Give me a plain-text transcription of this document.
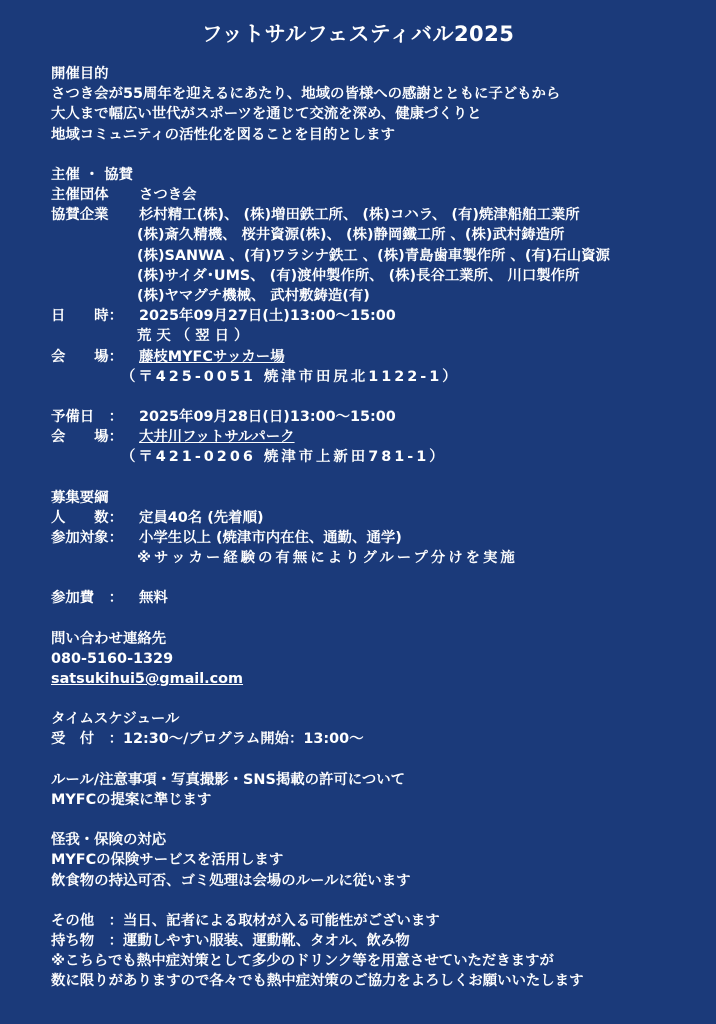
フットサルフェスティバル2025
開催目的
さつき会が55周年を迎えるにあたり、地域の皆様への感謝とともに子どもから
大人まで幅広い世代がスポーツを通じて交流を深め、健康づくりと
地域コミュニティの活性化を図ることを目的とします
主催 ・ 協賛
主催団体	さつき会
協賛企業	杉村精工(株)、 (株)増田鉄工所、 (株)コハラ、 (有)焼津船舶工業所
(株)斎久精機、 桜井資源(株)、 (株)静岡鐵工所 、(株)武村鋳造所
(株)SANWA 、(有)ワラシナ鉄工 、(株)青島歯車製作所 、(有)石山資源
(株)サイダ･UMS、 (有)渡仲製作所、 (株)長谷工業所、 川口製作所
(株)ヤマグチ機械、 武村敷鋳造(有)
日　　時：	2025年09月27日(土)13:00〜15:00
荒 天 （ 翌 日 ）
会　　場：	藤枝MYFCサッカー場
（〒425-0051 焼津市田尻北1122-1）
予備日　：	2025年09月28日(日)13:00〜15:00
会　　場：	大井川フットサルパーク
（〒421-0206 焼津市上新田781-1）
募集要綱
人　　数：	定員40名 (先着順)
参加対象：	小学生以上 (焼津市内在住、通勤、通学)
※サッカー経験の有無によりグループ分けを実施
参加費　：	無料
問い合わせ連絡先
080-5160-1329
satsukihui5@gmail.com
タイムスケジュール
受　付　：12:30〜/プログラム開始：13:00〜
ルール/注意事項・写真撮影・SNS掲載の許可について
MYFCの提案に準じます
怪我・保険の対応
MYFCの保険サービスを活用します
飲食物の持込可否、ゴミ処理は会場のルールに従います
その他　： 当日、記者による取材が入る可能性がございます
持ち物　： 運動しやすい服装、運動靴、タオル、飲み物
※こちらでも熱中症対策として多少のドリンク等を用意させていただきますが
数に限りがありますので各々でも熱中症対策のご協力をよろしくお願いいたします
